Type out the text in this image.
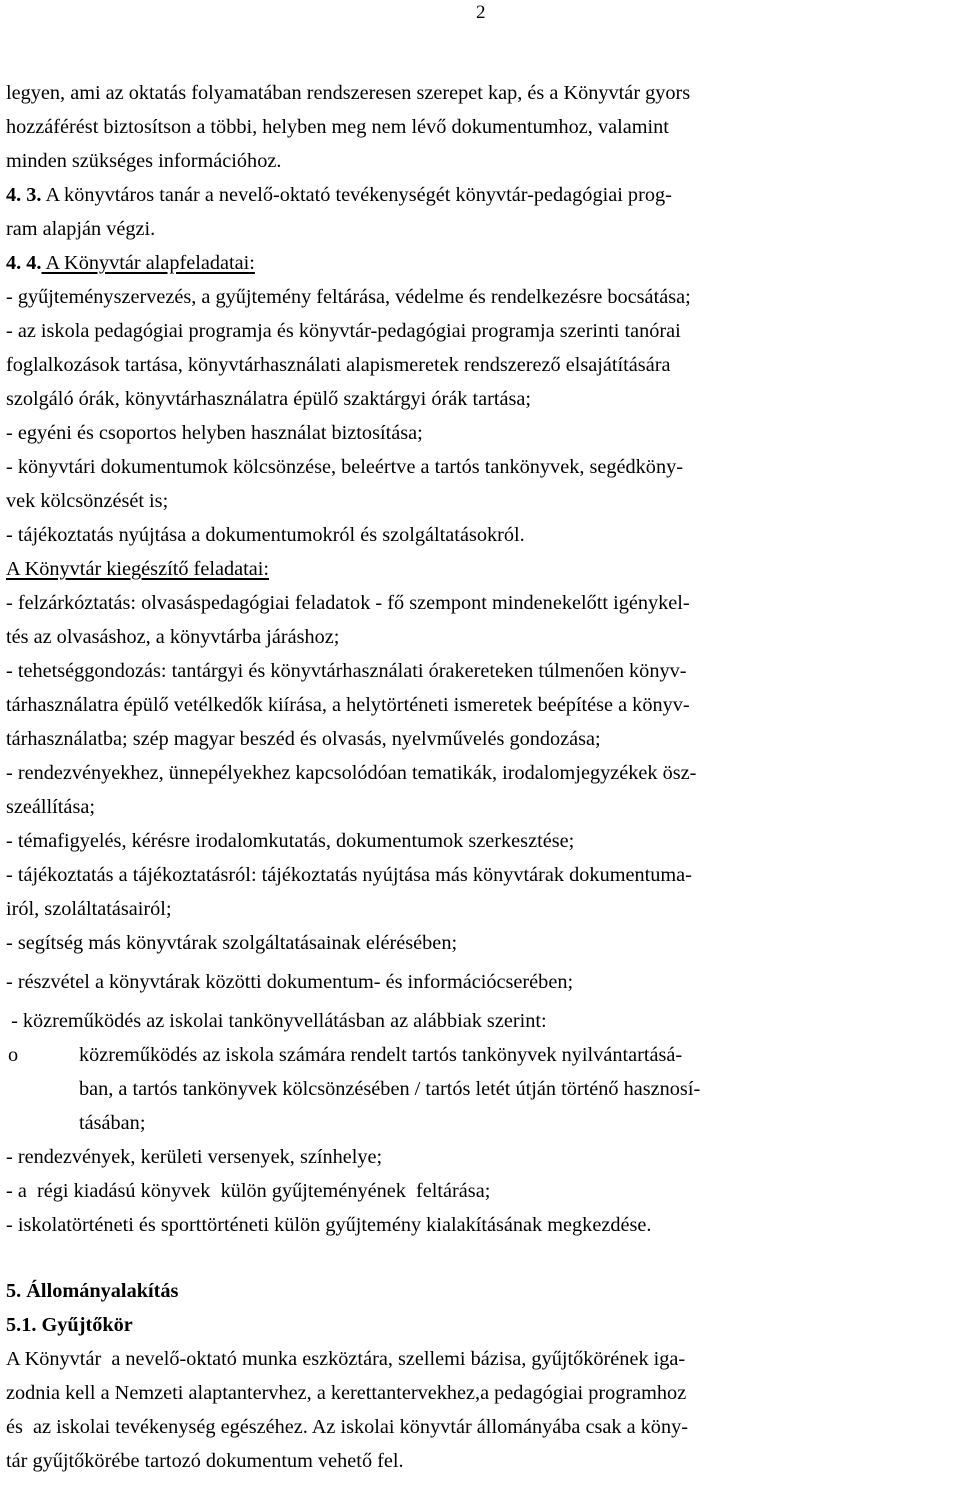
2
legyen, ami az oktatás folyamatában rendszeresen szerepet kap, és a Könyvtár gyors
hozzáférést biztosítson a többi, helyben meg nem lévő dokumentumhoz, valamint
minden szükséges információhoz.
4. 3. A könyvtáros tanár a nevelő-oktató tevékenységét könyvtár-pedagógiai prog-
ram alapján végzi.
4. 4. A Könyvtár alapfeladatai:
- gyűjteményszervezés, a gyűjtemény feltárása, védelme és rendelkezésre bocsátása;
- az iskola pedagógiai programja és könyvtár-pedagógiai programja szerinti tanórai
foglalkozások tartása, könyvtárhasználati alapismeretek rendszerező elsajátítására
szolgáló órák, könyvtárhasználatra épülő szaktárgyi órák tartása;
- egyéni és csoportos helyben használat biztosítása;
- könyvtári dokumentumok kölcsönzése, beleértve a tartós tankönyvek, segédköny-
vek kölcsönzését is;
- tájékoztatás nyújtása a dokumentumokról és szolgáltatásokról.
A Könyvtár kiegészítő feladatai:
- felzárkóztatás: olvasáspedagógiai feladatok - fő szempont mindenekelőtt igénykel-
tés az olvasáshoz, a könyvtárba járáshoz;
- tehetséggondozás: tantárgyi és könyvtárhasználati órakereteken túlmenően könyv-
tárhasználatra épülő vetélkedők kiírása, a helytörténeti ismeretek beépítése a könyv-
tárhasználatba; szép magyar beszéd és olvasás, nyelvművelés gondozása;
- rendezvényekhez, ünnepélyekhez kapcsolódóan tematikák, irodalomjegyzékek ösz-
szeállítása;
- témafigyelés, kérésre irodalomkutatás, dokumentumok szerkesztése;
- tájékoztatás a tájékoztatásról: tájékoztatás nyújtása más könyvtárak dokumentuma-
iról, szoláltatásairól;
- segítség más könyvtárak szolgáltatásainak elérésében;
- részvétel a könyvtárak közötti dokumentum- és információcserében;
- közreműködés az iskolai tankönyvellátásban az alábbiak szerint:
o	közreműködés az iskola számára rendelt tartós tankönyvek nyilvántartásá-
ban, a tartós tankönyvek kölcsönzésében / tartós letét útján történő hasznosí-
tásában;
- rendezvények, kerületi versenyek, színhelye;
- a  régi kiadású könyvek  külön gyűjteményének  feltárása;
- iskolatörténeti és sporttörténeti külön gyűjtemény kialakításának megkezdése.
5. Állományalakítás
5.1. Gyűjtőkör
A Könyvtár  a nevelő-oktató munka eszköztára, szellemi bázisa, gyűjtőkörének iga-
zodnia kell a Nemzeti alaptantervhez, a kerettantervekhez,a pedagógiai programhoz
és  az iskolai tevékenység egészéhez. Az iskolai könyvtár állományába csak a köny-
tár gyűjtőkörébe tartozó dokumentum vehető fel.
